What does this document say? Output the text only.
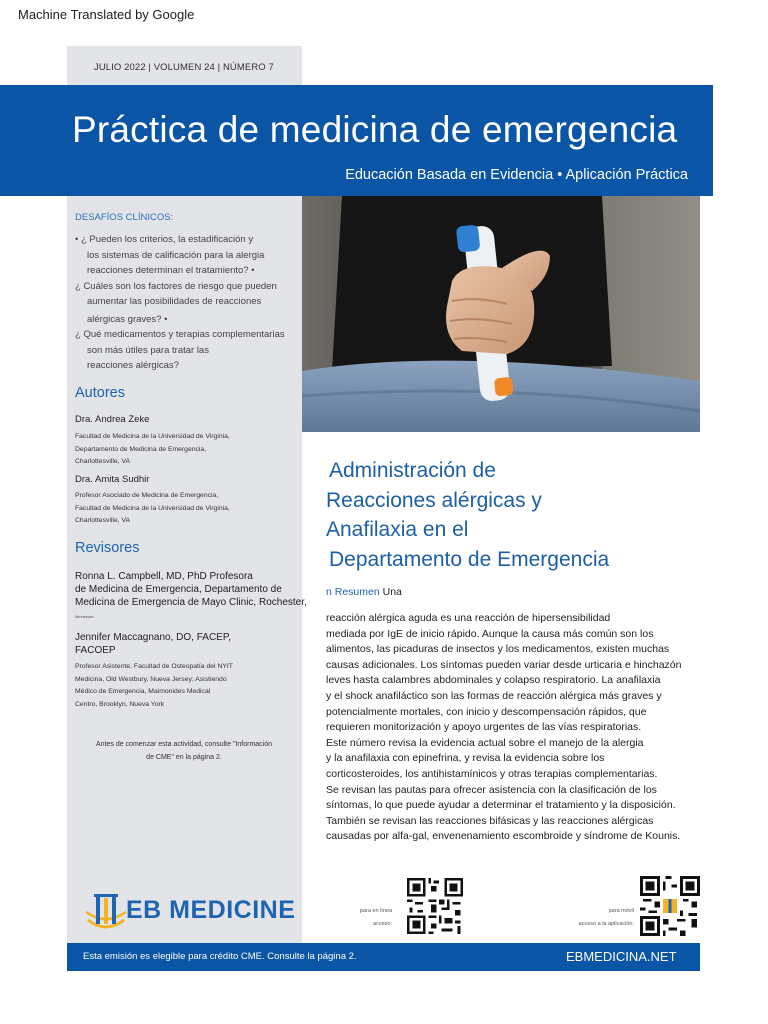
Machine Translated by Google
JULIO 2022 | VOLUMEN 24 | NÚMERO 7
Práctica de medicina de emergencia
Educación Basada en Evidencia • Aplicación Práctica
DESAFÍOS CLÍNICOS:
• ¿ Pueden los criterios, la estadificación y
los sistemas de calificación para la alergia
reacciones determinan el tratamiento? •
¿ Cuáles son los factores de riesgo que pueden
aumentar las posibilidades de reacciones
alérgicas graves? •
¿ Qué medicamentos y terapias complementarias
son más útiles para tratar las
reacciones alérgicas?
Autores
Dra. Andrea Zeke
Facultad de Medicina de la Universidad de Virginia,
Departamento de Medicina de Emergencia,
Charlottesville, VA
Dra. Amita Sudhir
Profesor Asociado de Medicina de Emergencia,
Facultad de Medicina de la Universidad de Virginia,
Charlottesville, VA
Revisores
Ronna L. Campbell, MD, PhD Profesora
de Medicina de Emergencia, Departamento de
Medicina de Emergencia de Mayo Clinic, Rochester,
Minnesota
Jennifer Maccagnano, DO, FACEP,
FACOEP
Profesor Asistente, Facultad de Osteopatía del NYIT
Medicina, Old Westbury, Nueva Jersey; Asistiendo
Médico de Emergencia, Maimonides Medical
Centro, Brooklyn, Nueva York
Antes de comenzar esta actividad, consulte "Información
de CME" en la página 2.
Administración de
Reacciones alérgicas y
Anafilaxia en el
Departamento de Emergencia
n Resumen Una
reacción alérgica aguda es una reacción de hipersensibilidad
mediada por IgE de inicio rápido. Aunque la causa más común son los
alimentos, las picaduras de insectos y los medicamentos, existen muchas
causas adicionales. Los síntomas pueden variar desde urticaria e hinchazón
leves hasta calambres abdominales y colapso respiratorio. La anafilaxia
y el shock anafiláctico son las formas de reacción alérgica más graves y
potencialmente mortales, con inicio y descompensación rápidos, que
requieren monitorización y apoyo urgentes de las vías respiratorias.
Este número revisa la evidencia actual sobre el manejo de la alergia
y la anafilaxia con epinefrina, y revisa la evidencia sobre los
corticosteroides, los antihistamínicos y otras terapias complementarias.
Se revisan las pautas para ofrecer asistencia con la clasificación de los
síntomas, lo que puede ayudar a determinar el tratamiento y la disposición.
También se revisan las reacciones bifásicas y las reacciones alérgicas
causadas por alfa-gal, envenenamiento escombroide y síndrome de Kounis.
EB MEDICINE	para en línea
acceso:
para móvil
acceso a la aplicación:
Esta emisión es elegible para crédito CME. Consulte la página 2.	EBMEDICINA.NET
